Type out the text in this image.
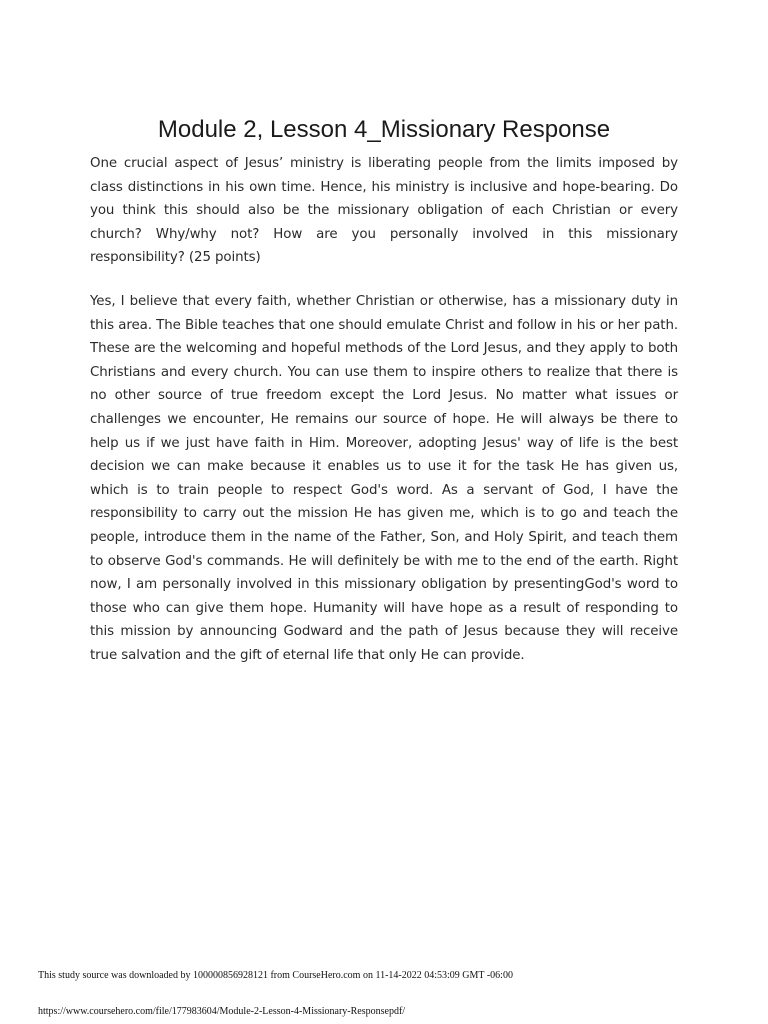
Module 2, Lesson 4_Missionary Response

One crucial aspect of Jesus’ ministry is liberating people from the limits imposed by class distinctions in his own time. Hence, his ministry is inclusive and hope-bearing. Do you think this should also be the missionary obligation of each Christian or every church? Why/why not? How are you personally involved in this missionary responsibility? (25 points)

Yes, I believe that every faith, whether Christian or otherwise, has a missionary duty in this area. The Bible teaches that one should emulate Christ and follow in his or her path. These are the welcoming and hopeful methods of the Lord Jesus, and they apply to both Christians and every church. You can use them to inspire others to realize that there is no other source of true freedom except the Lord Jesus. No matter what issues or challenges we encounter, He remains our source of hope. He will always be there to help us if we just have faith in Him. Moreover, adopting Jesus' way of life is the best decision we can make because it enables us to use it for the task He has given us, which is to train people to respect God's word. As a servant of God, I have the responsibility to carry out the mission He has given me, which is to go and teach the people, introduce them in the name of the Father, Son, and Holy Spirit, and teach them to observe God's commands. He will definitely be with me to the end of the earth. Right now, I am personally involved in this missionary obligation by presentingGod's word to those who can give them hope. Humanity will have hope as a result of responding to this mission by announcing Godward and the path of Jesus because they will receive true salvation and the gift of eternal life that only He can provide.

This study source was downloaded by 100000856928121 from CourseHero.com on 11-14-2022 04:53:09 GMT -06:00

https://www.coursehero.com/file/177983604/Module-2-Lesson-4-Missionary-Responsepdf/
